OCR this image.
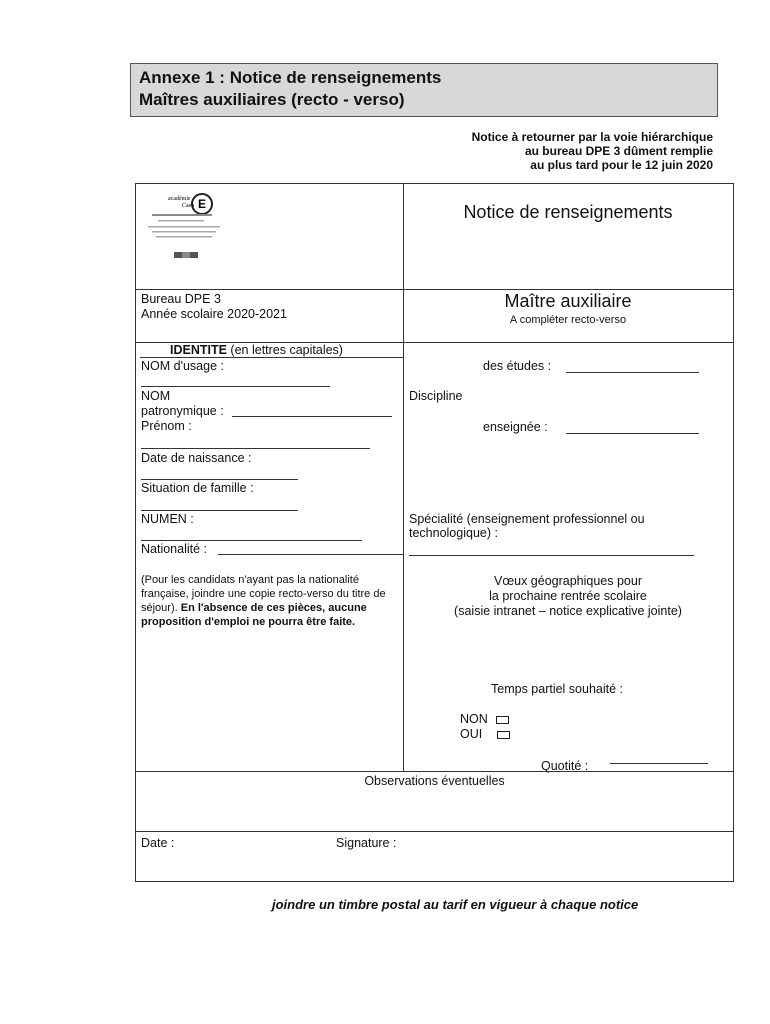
Annexe 1 : Notice de renseignements
Maîtres auxiliaires (recto - verso)
Notice à retourner par la voie hiérarchique
au bureau DPE 3 dûment remplie
au plus tard pour le 12 juin 2020
E
académie
Caen	Notice de renseignements
Bureau DPE 3
Année scolaire 2020-2021
Maître auxiliaire
A compléter recto-verso
IDENTITE (en lettres capitales)
NOM d'usage :
NOM
patronymique :
Prénom :
Date de naissance :
Situation de famille :
NUMEN :
Nationalité :
(Pour les candidats n'ayant pas la nationalité française, joindre une copie recto-verso du titre de séjour). En l'absence de ces pièces, aucune proposition d'emploi ne pourra être faite.
des études :
Discipline
enseignée :
Spécialité (enseignement professionnel ou technologique) :
Vœux géographiques pour
la prochaine rentrée scolaire
(saisie intranet – notice explicative jointe)
Temps partiel souhaité :
NON
OUI
Quotité :
Observations éventuelles
Date :	Signature :
joindre un timbre postal au tarif en vigueur à chaque notice
